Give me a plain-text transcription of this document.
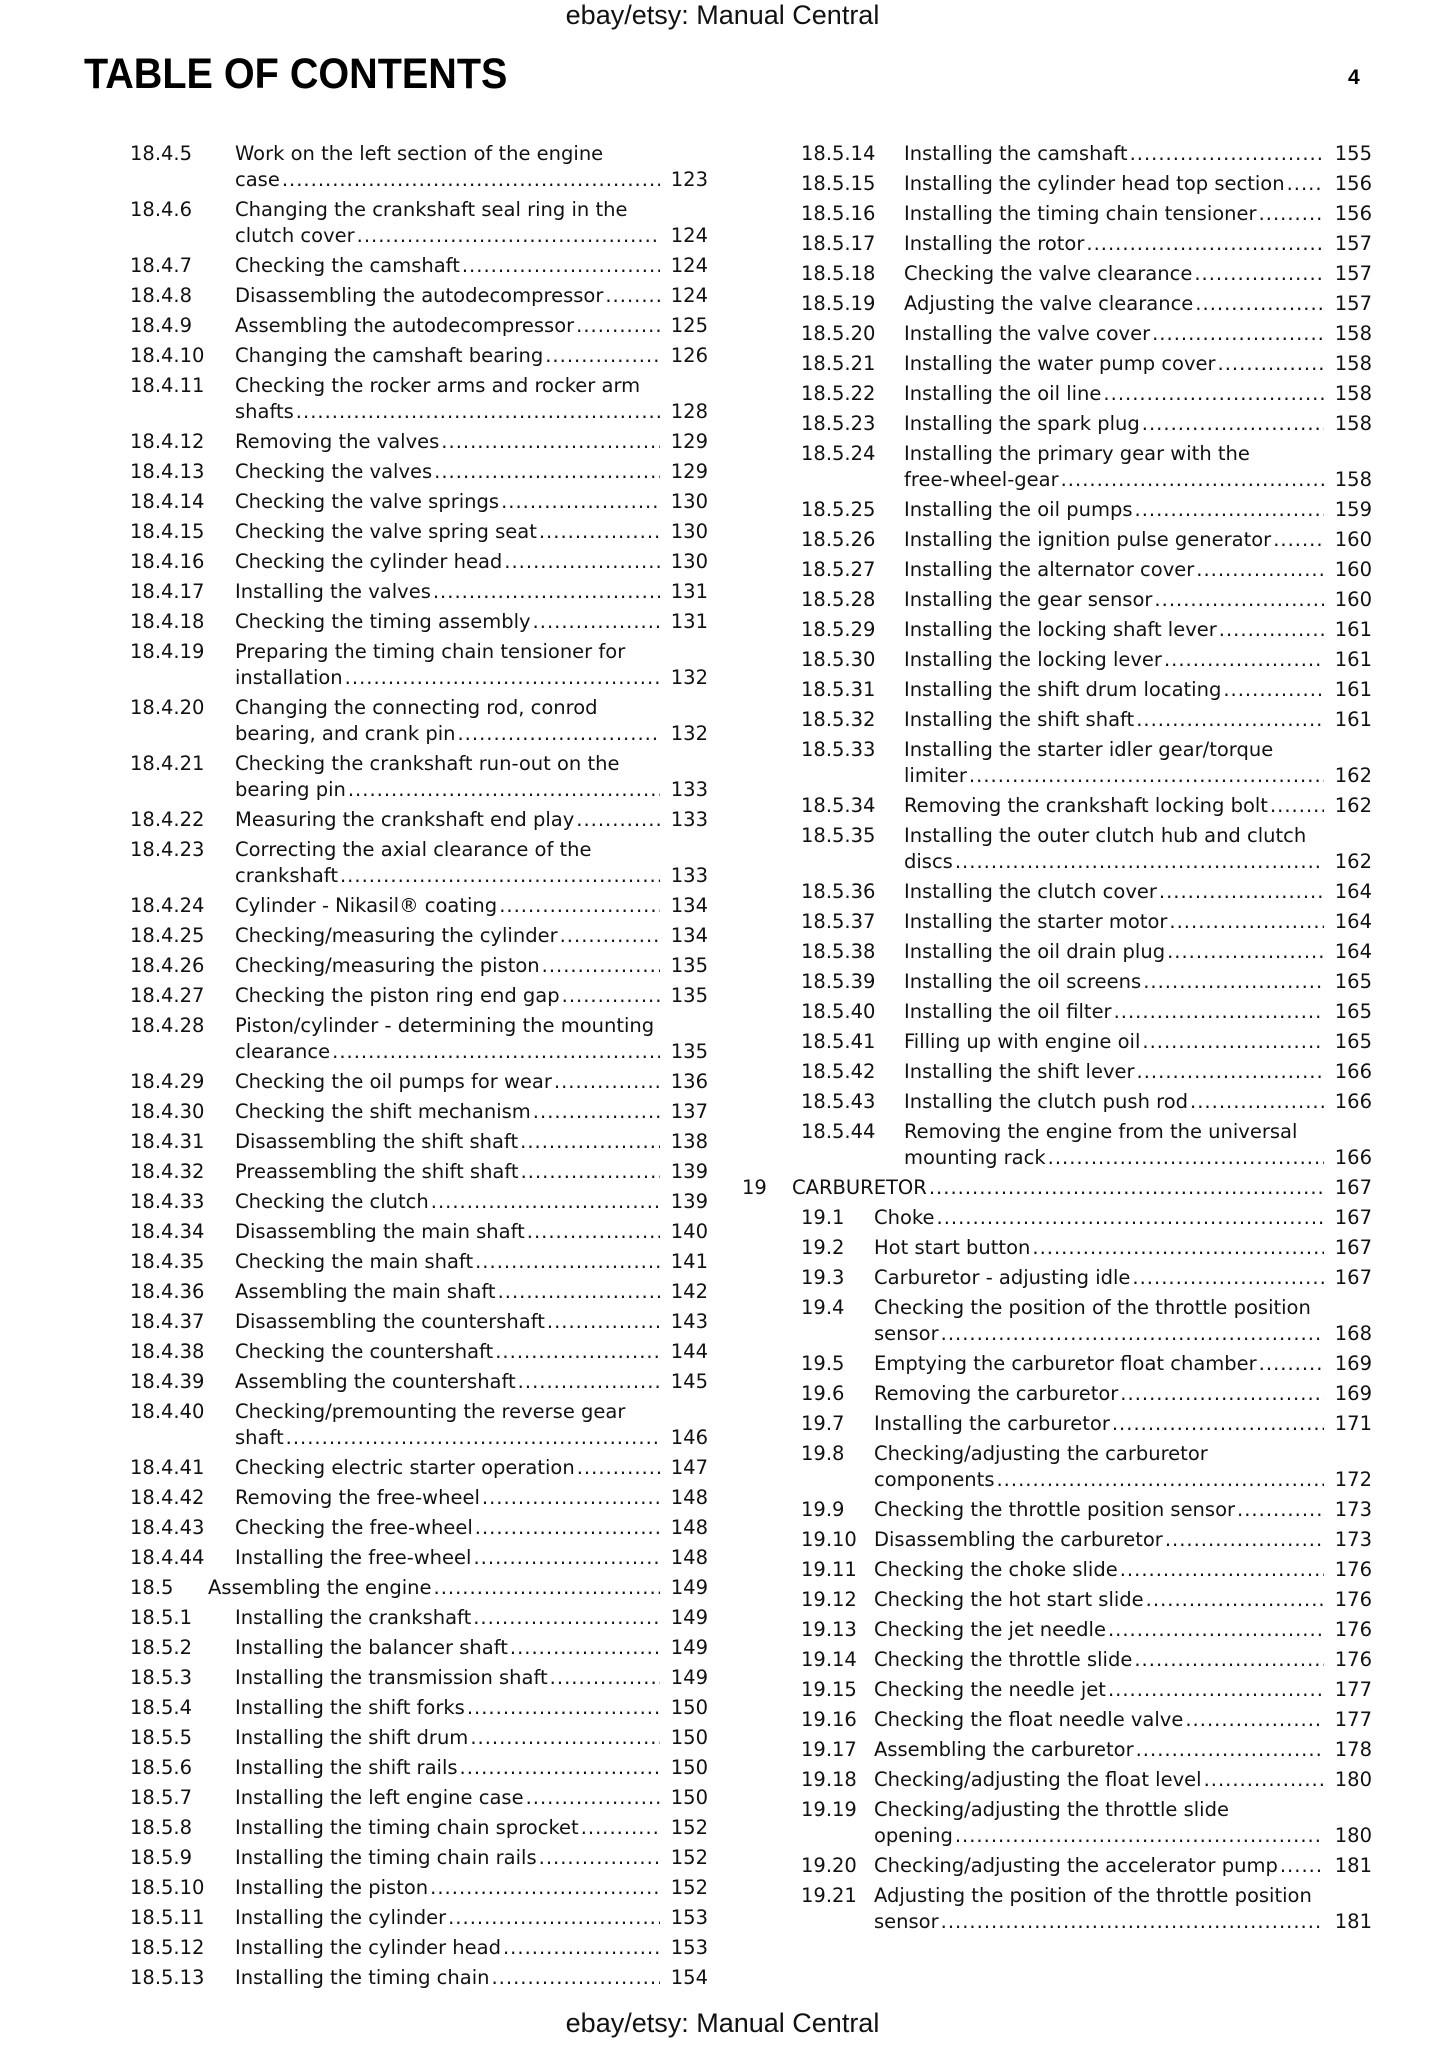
ebay/etsy: Manual Central
TABLE OF CONTENTS	4
18.4.5 Work on the left section of the engine
case .....	123
18.4.6 Changing the crankshaft seal ring in the
clutch cover .....	124
18.4.7 Checking the camshaft .....	124
18.4.8 Disassembling the autodecompressor .....	124
18.4.9 Assembling the autodecompressor .....	125
18.4.10 Changing the camshaft bearing .....	126
18.4.11 Checking the rocker arms and rocker arm
shafts .....	128
18.4.12 Removing the valves .....	129
18.4.13 Checking the valves .....	129
18.4.14 Checking the valve springs .....	130
18.4.15 Checking the valve spring seat .....	130
18.4.16 Checking the cylinder head .....	130
18.4.17 Installing the valves .....	131
18.4.18 Checking the timing assembly .....	131
18.4.19 Preparing the timing chain tensioner for
installation .....	132
18.4.20 Changing the connecting rod, conrod
bearing, and crank pin .....	132
18.4.21 Checking the crankshaft run-out on the
bearing pin .....	133
18.4.22 Measuring the crankshaft end play .....	133
18.4.23 Correcting the axial clearance of the
crankshaft .....	133
18.4.24 Cylinder - Nikasil® coating .....	134
18.4.25 Checking/measuring the cylinder .....	134
18.4.26 Checking/measuring the piston .....	135
18.4.27 Checking the piston ring end gap .....	135
18.4.28 Piston/cylinder - determining the mounting
clearance .....	135
18.4.29 Checking the oil pumps for wear .....	136
18.4.30 Checking the shift mechanism .....	137
18.4.31 Disassembling the shift shaft .....	138
18.4.32 Preassembling the shift shaft .....	139
18.4.33 Checking the clutch .....	139
18.4.34 Disassembling the main shaft .....	140
18.4.35 Checking the main shaft .....	141
18.4.36 Assembling the main shaft .....	142
18.4.37 Disassembling the countershaft .....	143
18.4.38 Checking the countershaft .....	144
18.4.39 Assembling the countershaft .....	145
18.4.40 Checking/premounting the reverse gear
shaft .....	146
18.4.41 Checking electric starter operation .....	147
18.4.42 Removing the free-wheel .....	148
18.4.43 Checking the free-wheel .....	148
18.4.44 Installing the free-wheel .....	148
18.5 Assembling the engine .....	149
18.5.1 Installing the crankshaft .....	149
18.5.2 Installing the balancer shaft .....	149
18.5.3 Installing the transmission shaft .....	149
18.5.4 Installing the shift forks .....	150
18.5.5 Installing the shift drum .....	150
18.5.6 Installing the shift rails .....	150
18.5.7 Installing the left engine case .....	150
18.5.8 Installing the timing chain sprocket .....	152
18.5.9 Installing the timing chain rails .....	152
18.5.10 Installing the piston .....	152
18.5.11 Installing the cylinder .....	153
18.5.12 Installing the cylinder head .....	153
18.5.13 Installing the timing chain .....	154
18.5.14 Installing the camshaft .....	155
18.5.15 Installing the cylinder head top section .....	156
18.5.16 Installing the timing chain tensioner .....	156
18.5.17 Installing the rotor .....	157
18.5.18 Checking the valve clearance .....	157
18.5.19 Adjusting the valve clearance .....	157
18.5.20 Installing the valve cover .....	158
18.5.21 Installing the water pump cover .....	158
18.5.22 Installing the oil line .....	158
18.5.23 Installing the spark plug .....	158
18.5.24 Installing the primary gear with the
free-wheel-gear .....	158
18.5.25 Installing the oil pumps .....	159
18.5.26 Installing the ignition pulse generator .....	160
18.5.27 Installing the alternator cover .....	160
18.5.28 Installing the gear sensor .....	160
18.5.29 Installing the locking shaft lever .....	161
18.5.30 Installing the locking lever .....	161
18.5.31 Installing the shift drum locating .....	161
18.5.32 Installing the shift shaft .....	161
18.5.33 Installing the starter idler gear/torque
limiter .....	162
18.5.34 Removing the crankshaft locking bolt .....	162
18.5.35 Installing the outer clutch hub and clutch
discs .....	162
18.5.36 Installing the clutch cover .....	164
18.5.37 Installing the starter motor .....	164
18.5.38 Installing the oil drain plug .....	164
18.5.39 Installing the oil screens .....	165
18.5.40 Installing the oil filter .....	165
18.5.41 Filling up with engine oil .....	165
18.5.42 Installing the shift lever .....	166
18.5.43 Installing the clutch push rod .....	166
18.5.44 Removing the engine from the universal
mounting rack .....	166
19 CARBURETOR .....	167
19.1 Choke .....	167
19.2 Hot start button .....	167
19.3 Carburetor - adjusting idle .....	167
19.4 Checking the position of the throttle position
sensor .....	168
19.5 Emptying the carburetor float chamber .....	169
19.6 Removing the carburetor .....	169
19.7 Installing the carburetor .....	171
19.8 Checking/adjusting the carburetor
components .....	172
19.9 Checking the throttle position sensor .....	173
19.10 Disassembling the carburetor .....	173
19.11 Checking the choke slide .....	176
19.12 Checking the hot start slide .....	176
19.13 Checking the jet needle .....	176
19.14 Checking the throttle slide .....	176
19.15 Checking the needle jet .....	177
19.16 Checking the float needle valve .....	177
19.17 Assembling the carburetor .....	178
19.18 Checking/adjusting the float level .....	180
19.19 Checking/adjusting the throttle slide
opening .....	180
19.20 Checking/adjusting the accelerator pump .....	181
19.21 Adjusting the position of the throttle position
sensor .....	181
ebay/etsy: Manual Central
